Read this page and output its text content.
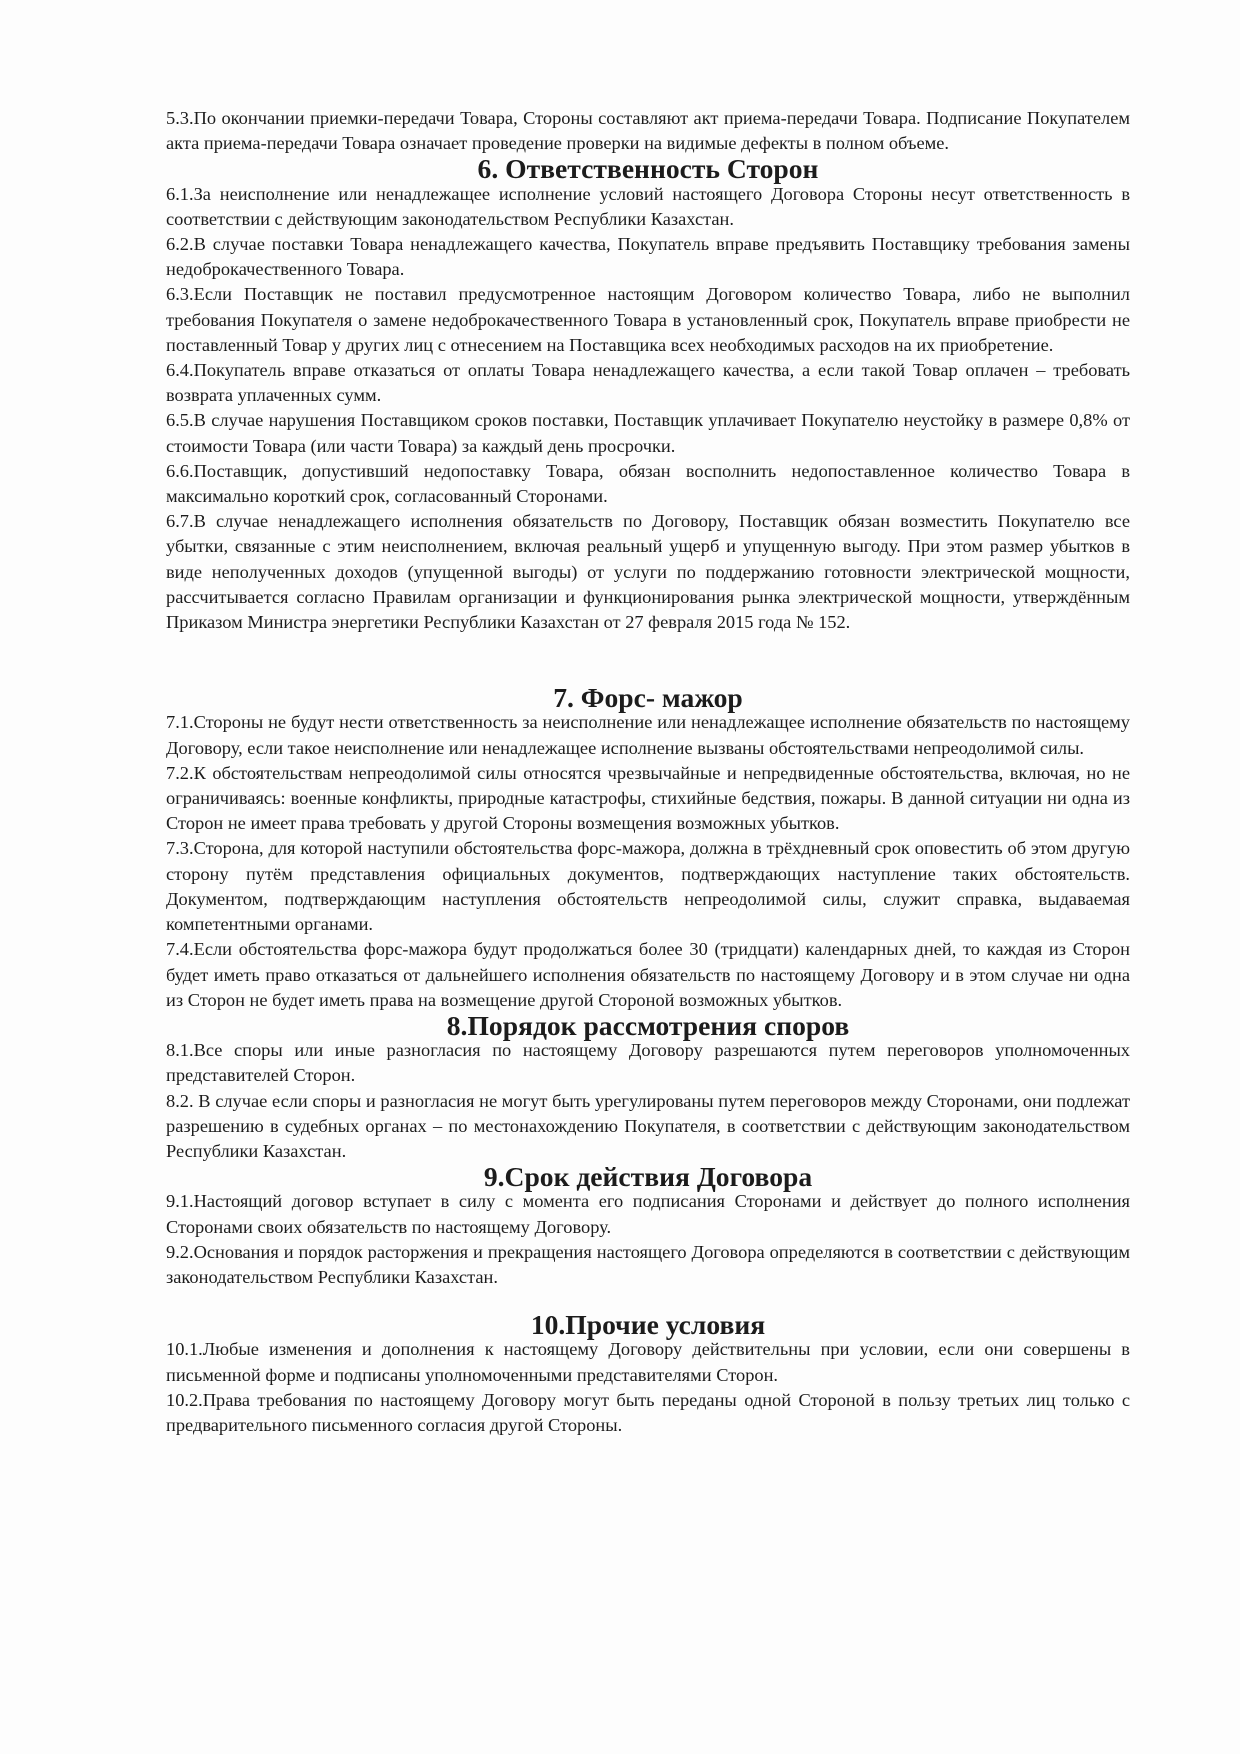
5.3.По окончании приемки-передачи Товара, Стороны составляют акт приема-передачи Товара. Подписание Покупателем акта приема-передачи Товара означает проведение проверки на видимые дефекты в полном объеме.

6. Ответственность Сторон

6.1.За неисполнение или ненадлежащее исполнение условий настоящего Договора Стороны несут ответственность в соответствии с действующим законодательством Республики Казахстан.

6.2.В случае поставки Товара ненадлежащего качества, Покупатель вправе предъявить Поставщику требования замены недоброкачественного Товара.

6.3.Если Поставщик не поставил предусмотренное настоящим Договором количество Товара, либо не выполнил требования Покупателя о замене недоброкачественного Товара в установленный срок, Покупатель вправе приобрести не поставленный Товар у других лиц с отнесением на Поставщика всех необходимых расходов на их приобретение.

6.4.Покупатель вправе отказаться от оплаты Товара ненадлежащего качества, а если такой Товар оплачен – требовать возврата уплаченных сумм.

6.5.В случае нарушения Поставщиком сроков поставки, Поставщик уплачивает Покупателю неустойку в размере 0,8% от стоимости Товара (или части Товара) за каждый день просрочки.

6.6.Поставщик, допустивший недопоставку Товара, обязан восполнить недопоставленное количество Товара в максимально короткий срок, согласованный Сторонами.

6.7.В случае ненадлежащего исполнения обязательств по Договору, Поставщик обязан возместить Покупателю все убытки, связанные с этим неисполнением, включая реальный ущерб и упущенную выгоду. При этом размер убытков в виде неполученных доходов (упущенной выгоды) от услуги по поддержанию готовности электрической мощности, рассчитывается согласно Правилам организации и функционирования рынка электрической мощности, утверждённым Приказом Министра энергетики Республики Казахстан от 27 февраля 2015 года № 152.

7. Форс- мажор

7.1.Стороны не будут нести ответственность за неисполнение или ненадлежащее исполнение обязательств по настоящему Договору, если такое неисполнение или ненадлежащее исполнение вызваны обстоятельствами непреодолимой силы.

7.2.К обстоятельствам непреодолимой силы относятся чрезвычайные и непредвиденные обстоятельства, включая, но не ограничиваясь: военные конфликты, природные катастрофы, стихийные бедствия, пожары. В данной ситуации ни одна из Сторон не имеет права требовать у другой Стороны возмещения возможных убытков.

7.3.Сторона, для которой наступили обстоятельства форс-мажора, должна в трёхдневный срок оповестить об этом другую сторону путём представления официальных документов, подтверждающих наступление таких обстоятельств. Документом, подтверждающим наступления обстоятельств непреодолимой силы, служит справка, выдаваемая компетентными органами.

7.4.Если обстоятельства форс-мажора будут продолжаться более 30 (тридцати) календарных дней, то каждая из Сторон будет иметь право отказаться от дальнейшего исполнения обязательств по настоящему Договору и в этом случае ни одна из Сторон не будет иметь права на возмещение другой Стороной возможных убытков.

8.Порядок рассмотрения споров

8.1.Все споры или иные разногласия по настоящему Договору разрешаются путем переговоров уполномоченных представителей Сторон.

8.2. В случае если споры и разногласия не могут быть урегулированы путем переговоров между Сторонами, они подлежат разрешению в судебных органах – по местонахождению Покупателя, в соответствии с действующим законодательством Республики Казахстан.

9.Срок действия Договора

9.1.Настоящий договор вступает в силу с момента его подписания Сторонами и действует до полного исполнения Сторонами своих обязательств по настоящему Договору.

9.2.Основания и порядок расторжения и прекращения настоящего Договора определяются в соответствии с действующим законодательством Республики Казахстан.

10.Прочие условия

10.1.Любые изменения и дополнения к настоящему Договору действительны при условии, если они совершены в письменной форме и подписаны уполномоченными представителями Сторон.

10.2.Права требования по настоящему Договору могут быть переданы одной Стороной в пользу третьих лиц только с предварительного письменного согласия другой Стороны.
